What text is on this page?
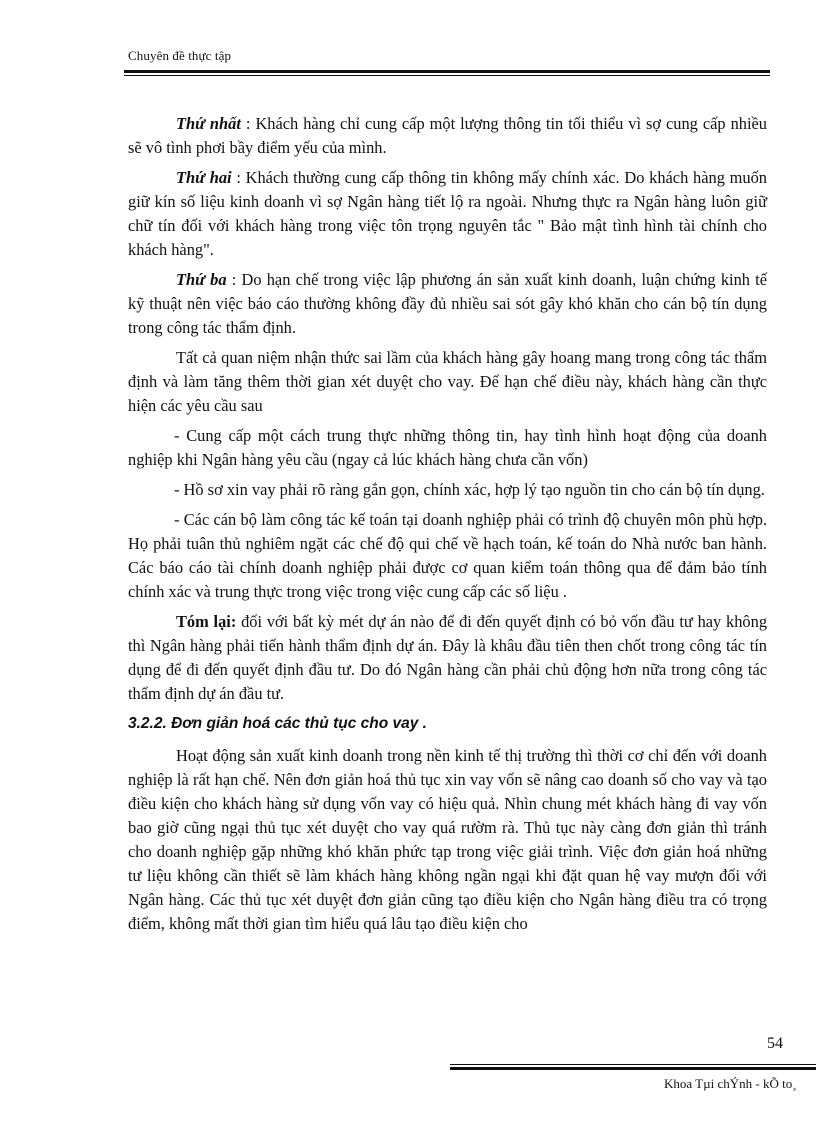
Chuyên đề thực tập

Thứ nhất : Khách hàng chỉ cung cấp một lượng thông tin tối thiểu vì sợ cung cấp nhiều sẽ vô tình phơi bầy điểm yếu của mình.

Thứ hai : Khách thường cung cấp thông tin không mấy chính xác. Do khách hàng muốn giữ kín số liệu kinh doanh vì sợ Ngân hàng tiết lộ ra ngoài. Nhưng thực ra Ngân hàng luôn giữ chữ tín đối với khách hàng trong việc tôn trọng nguyên tắc " Bảo mật tình hình tài chính cho khách hàng".

Thứ ba : Do hạn chế trong việc lập phương án sản xuất kinh doanh, luận chứng kinh tế kỹ thuật nên việc báo cáo thường không đầy đủ nhiều sai sót gây khó khăn cho cán bộ tín dụng trong công tác thẩm định.

Tất cả quan niệm nhận thức sai lầm của khách hàng gây hoang mang trong công tác thẩm định và làm tăng thêm thời gian xét duyệt cho vay. Để hạn chế điều này, khách hàng cần thực hiện các yêu cầu sau

- Cung cấp một cách trung thực những thông tin, hay tình hình hoạt động của doanh nghiệp khi Ngân hàng yêu cầu (ngay cả lúc khách hàng chưa cần vốn)

- Hồ sơ xin vay phải rõ ràng gắn gọn, chính xác, hợp lý tạo nguồn tin cho cán bộ tín dụng.

- Các cán bộ làm công tác kế toán tại doanh nghiệp phải có trình độ chuyên môn phù hợp. Họ phải tuân thủ nghiêm ngặt các chế độ qui chế về hạch toán, kế toán do Nhà nước ban hành. Các báo cáo tài chính doanh nghiệp phải được cơ quan kiểm toán thông qua để đảm bảo tính chính xác và trung thực trong việc trong việc cung cấp các số liệu .

Tóm lại: đối với bất kỳ mét dự án nào để đi đến quyết định có bỏ vốn đầu tư hay không thì Ngân hàng phải tiến hành thẩm định dự án. Đây là khâu đầu tiên then chốt trong công tác tín dụng để đi đến quyết định đầu tư. Do đó Ngân hàng cần phải chủ động hơn nữa trong công tác thẩm định dự án đầu tư.

3.2.2. Đơn giản hoá các thủ tục cho vay .

Hoạt động sản xuất kinh doanh trong nền kinh tế thị trường thì thời cơ chỉ đến với doanh nghiệp là rất hạn chế. Nên đơn giản hoá thủ tục xin vay vốn sẽ nâng cao doanh số cho vay và tạo điều kiện cho khách hàng sử dụng vốn vay có hiệu quả. Nhìn chung mét khách hàng đi vay vốn bao giờ cũng ngại thủ tục xét duyệt cho vay quá rườm rà. Thủ tục này càng đơn giản thì tránh cho doanh nghiệp gặp những khó khăn phức tạp trong việc giải trình. Việc đơn giản hoá những tư liệu không cần thiết sẽ làm khách hàng không ngần ngại khi đặt quan hệ vay mượn đối với Ngân hàng. Các thủ tục xét duyệt đơn giản cũng tạo điều kiện cho Ngân hàng điều tra có trọng điểm, không mất thời gian tìm hiểu quá lâu tạo điều kiện cho

54
Khoa Tµi chÝnh - kÕ to¸
